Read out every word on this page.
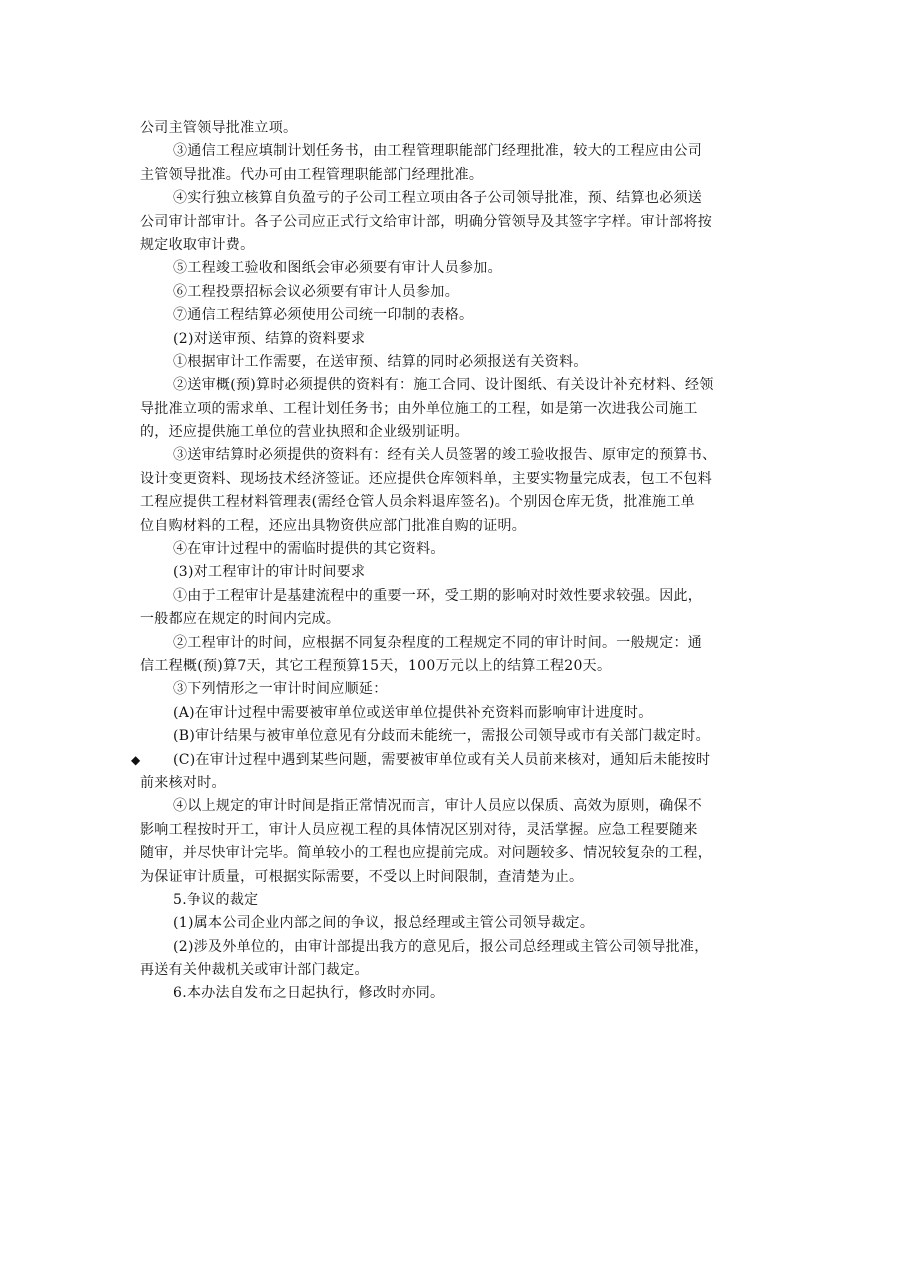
公司主管领导批准立项。
③通信工程应填制计划任务书，由工程管理职能部门经理批准，较大的工程应由公司
主管领导批准。代办可由工程管理职能部门经理批准。
④实行独立核算自负盈亏的子公司工程立项由各子公司领导批准，预、结算也必须送
公司审计部审计。各子公司应正式行文给审计部，明确分管领导及其签字字样。审计部将按
规定收取审计费。
⑤工程竣工验收和图纸会审必须要有审计人员参加。
⑥工程投票招标会议必须要有审计人员参加。
⑦通信工程结算必须使用公司统一印制的表格。
(2)对送审预、结算的资料要求
①根据审计工作需要，在送审预、结算的同时必须报送有关资料。
②送审概(预)算时必须提供的资料有：施工合同、设计图纸、有关设计补充材料、经领
导批准立项的需求单、工程计划任务书；由外单位施工的工程，如是第一次进我公司施工
的，还应提供施工单位的营业执照和企业级别证明。
③送审结算时必须提供的资料有：经有关人员签署的竣工验收报告、原审定的预算书、
设计变更资料、现场技术经济签证。还应提供仓库领料单，主要实物量完成表，包工不包料
工程应提供工程材料管理表(需经仓管人员余料退库签名)。个别因仓库无货，批准施工单
位自购材料的工程，还应出具物资供应部门批准自购的证明。
④在审计过程中的需临时提供的其它资料。
(3)对工程审计的审计时间要求
①由于工程审计是基建流程中的重要一环，受工期的影响对时效性要求较强。因此，
一般都应在规定的时间内完成。
②工程审计的时间，应根据不同复杂程度的工程规定不同的审计时间。一般规定：通
信工程概(预)算7天，其它工程预算15天，100万元以上的结算工程20天。
③下列情形之一审计时间应顺延：
(A)在审计过程中需要被审单位或送审单位提供补充资料而影响审计进度时。
(B)审计结果与被审单位意见有分歧而未能统一，需报公司领导或市有关部门裁定时。
◆ (C)在审计过程中遇到某些问题，需要被审单位或有关人员前来核对，通知后未能按时
前来核对时。
④以上规定的审计时间是指正常情况而言，审计人员应以保质、高效为原则，确保不
影响工程按时开工，审计人员应视工程的具体情况区别对待，灵活掌握。应急工程要随来
随审，并尽快审计完毕。简单较小的工程也应提前完成。对问题较多、情况较复杂的工程，
为保证审计质量，可根据实际需要，不受以上时间限制，查清楚为止。
5.争议的裁定
(1)属本公司企业内部之间的争议，报总经理或主管公司领导裁定。
(2)涉及外单位的，由审计部提出我方的意见后，报公司总经理或主管公司领导批准，
再送有关仲裁机关或审计部门裁定。
6.本办法自发布之日起执行，修改时亦同。
